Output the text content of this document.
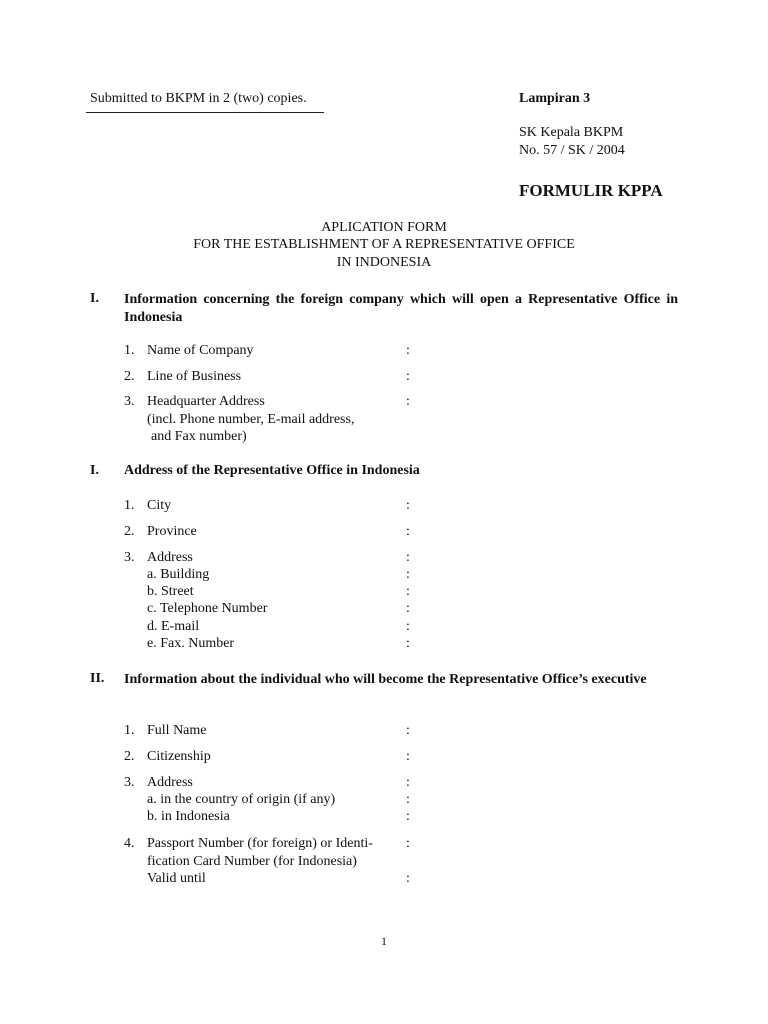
Submitted to BKPM in 2 (two) copies.	Lampiran 3
SK Kepala BKPM
No. 57 / SK / 2004
FORMULIR KPPA
APLICATION FORM
FOR THE ESTABLISHMENT OF A REPRESENTATIVE OFFICE
IN INDONESIA
I. Information concerning the foreign company which will open a Representative Office in Indonesia
1. Name of Company	:
2. Line of Business	:
3. Headquarter Address	:
(incl. Phone number, E-mail address,
and Fax number)
I. Address of the Representative Office in Indonesia
1. City	:
2. Province	:
3. Address	:
a. Building	:
b. Street	:
c. Telephone Number	:
d. E-mail	:
e. Fax. Number	:
II. Information about the individual who will become the Representative Office’s executive
1. Full Name	:
2. Citizenship	:
3. Address	:
a. in the country of origin (if any)	:
b. in Indonesia	:
4. Passport Number (for foreign) or Identi- :
fication Card Number (for Indonesia)
Valid until	:
1
